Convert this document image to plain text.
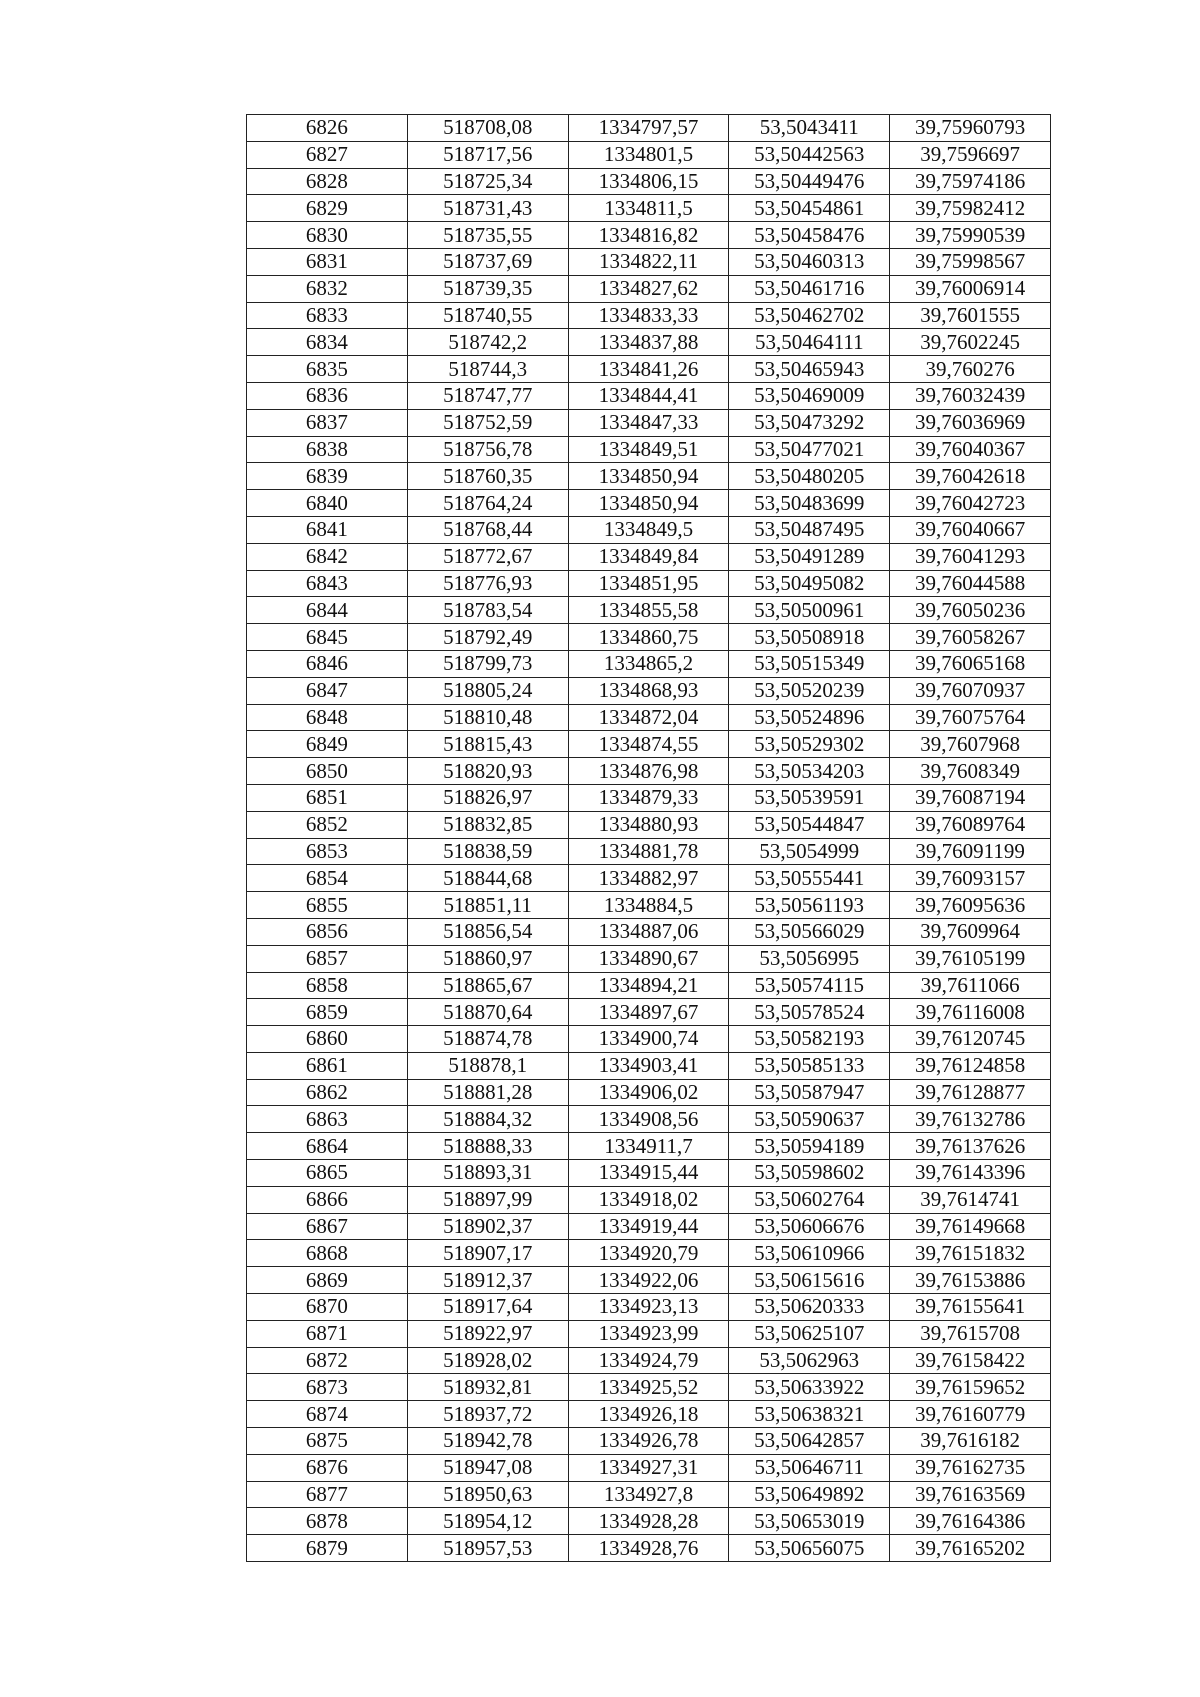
6826	518708,08	1334797,57	53,5043411	39,75960793
6827	518717,56	1334801,5	53,50442563	39,7596697
6828	518725,34	1334806,15	53,50449476	39,75974186
6829	518731,43	1334811,5	53,50454861	39,75982412
6830	518735,55	1334816,82	53,50458476	39,75990539
6831	518737,69	1334822,11	53,50460313	39,75998567
6832	518739,35	1334827,62	53,50461716	39,76006914
6833	518740,55	1334833,33	53,50462702	39,7601555
6834	518742,2	1334837,88	53,50464111	39,7602245
6835	518744,3	1334841,26	53,50465943	39,760276
6836	518747,77	1334844,41	53,50469009	39,76032439
6837	518752,59	1334847,33	53,50473292	39,76036969
6838	518756,78	1334849,51	53,50477021	39,76040367
6839	518760,35	1334850,94	53,50480205	39,76042618
6840	518764,24	1334850,94	53,50483699	39,76042723
6841	518768,44	1334849,5	53,50487495	39,76040667
6842	518772,67	1334849,84	53,50491289	39,76041293
6843	518776,93	1334851,95	53,50495082	39,76044588
6844	518783,54	1334855,58	53,50500961	39,76050236
6845	518792,49	1334860,75	53,50508918	39,76058267
6846	518799,73	1334865,2	53,50515349	39,76065168
6847	518805,24	1334868,93	53,50520239	39,76070937
6848	518810,48	1334872,04	53,50524896	39,76075764
6849	518815,43	1334874,55	53,50529302	39,7607968
6850	518820,93	1334876,98	53,50534203	39,7608349
6851	518826,97	1334879,33	53,50539591	39,76087194
6852	518832,85	1334880,93	53,50544847	39,76089764
6853	518838,59	1334881,78	53,5054999	39,76091199
6854	518844,68	1334882,97	53,50555441	39,76093157
6855	518851,11	1334884,5	53,50561193	39,76095636
6856	518856,54	1334887,06	53,50566029	39,7609964
6857	518860,97	1334890,67	53,5056995	39,76105199
6858	518865,67	1334894,21	53,50574115	39,7611066
6859	518870,64	1334897,67	53,50578524	39,76116008
6860	518874,78	1334900,74	53,50582193	39,76120745
6861	518878,1	1334903,41	53,50585133	39,76124858
6862	518881,28	1334906,02	53,50587947	39,76128877
6863	518884,32	1334908,56	53,50590637	39,76132786
6864	518888,33	1334911,7	53,50594189	39,76137626
6865	518893,31	1334915,44	53,50598602	39,76143396
6866	518897,99	1334918,02	53,50602764	39,7614741
6867	518902,37	1334919,44	53,50606676	39,76149668
6868	518907,17	1334920,79	53,50610966	39,76151832
6869	518912,37	1334922,06	53,50615616	39,76153886
6870	518917,64	1334923,13	53,50620333	39,76155641
6871	518922,97	1334923,99	53,50625107	39,7615708
6872	518928,02	1334924,79	53,5062963	39,76158422
6873	518932,81	1334925,52	53,50633922	39,76159652
6874	518937,72	1334926,18	53,50638321	39,76160779
6875	518942,78	1334926,78	53,50642857	39,7616182
6876	518947,08	1334927,31	53,50646711	39,76162735
6877	518950,63	1334927,8	53,50649892	39,76163569
6878	518954,12	1334928,28	53,50653019	39,76164386
6879	518957,53	1334928,76	53,50656075	39,76165202
